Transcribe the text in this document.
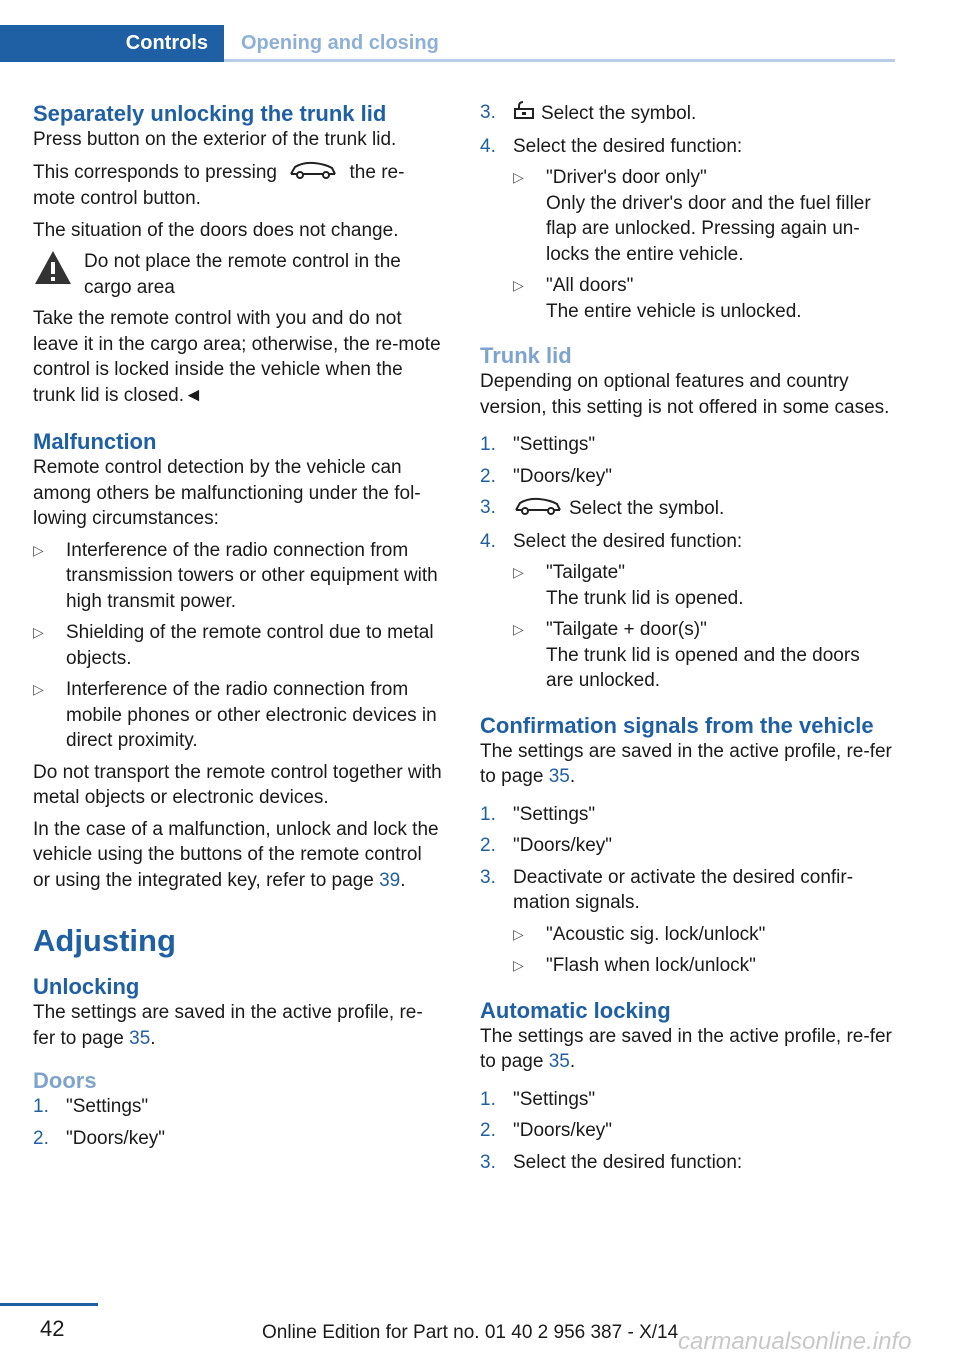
Controls	Opening and closing
Separately unlocking the trunk lid

Press button on the exterior of the trunk lid.

This corresponds to pressing	the re-mote control button.

The situation of the doors does not change.

Do not place the remote control in the cargo area

Take the remote control with you and do not leave it in the cargo area; otherwise, the re-mote control is locked inside the vehicle when the trunk lid is closed.◄

Malfunction

Remote control detection by the vehicle can among others be malfunctioning under the fol-lowing circumstances:

▷ Interference of the radio connection from transmission towers or other equipment with high transmit power.
▷ Shielding of the remote control due to metal objects.
▷ Interference of the radio connection from mobile phones or other electronic devices in direct proximity.

Do not transport the remote control together with metal objects or electronic devices.

In the case of a malfunction, unlock and lock the vehicle using the buttons of the remote control or using the integrated key, refer to page 39.

Adjusting
Unlocking

The settings are saved in the active profile, re-fer to page 35.

Doors
1. "Settings"
2. "Doors/key"
3. Select the symbol.
4. Select the desired function:
▷ "Driver's door only"
Only the driver's door and the fuel filler flap are unlocked. Pressing again un-locks the entire vehicle.
▷ "All doors"
The entire vehicle is unlocked.
Trunk lid

Depending on optional features and country version, this setting is not offered in some cases.

1. "Settings"
2. "Doors/key"
3.	Select the symbol.
4. Select the desired function:
▷ "Tailgate"
The trunk lid is opened.
▷ "Tailgate + door(s)"
The trunk lid is opened and the doors are unlocked.
Confirmation signals from the vehicle

The settings are saved in the active profile, re-fer to page 35.

1. "Settings"
2. "Doors/key"
3. Deactivate or activate the desired confir-mation signals.
▷ "Acoustic sig. lock/unlock"
▷ "Flash when lock/unlock"
Automatic locking

The settings are saved in the active profile, re-fer to page 35.

1. "Settings"
2. "Doors/key"
3. Select the desired function:
42	Online Edition for Part no. 01 40 2 956 387 - X/14 carmanualsonline.info
